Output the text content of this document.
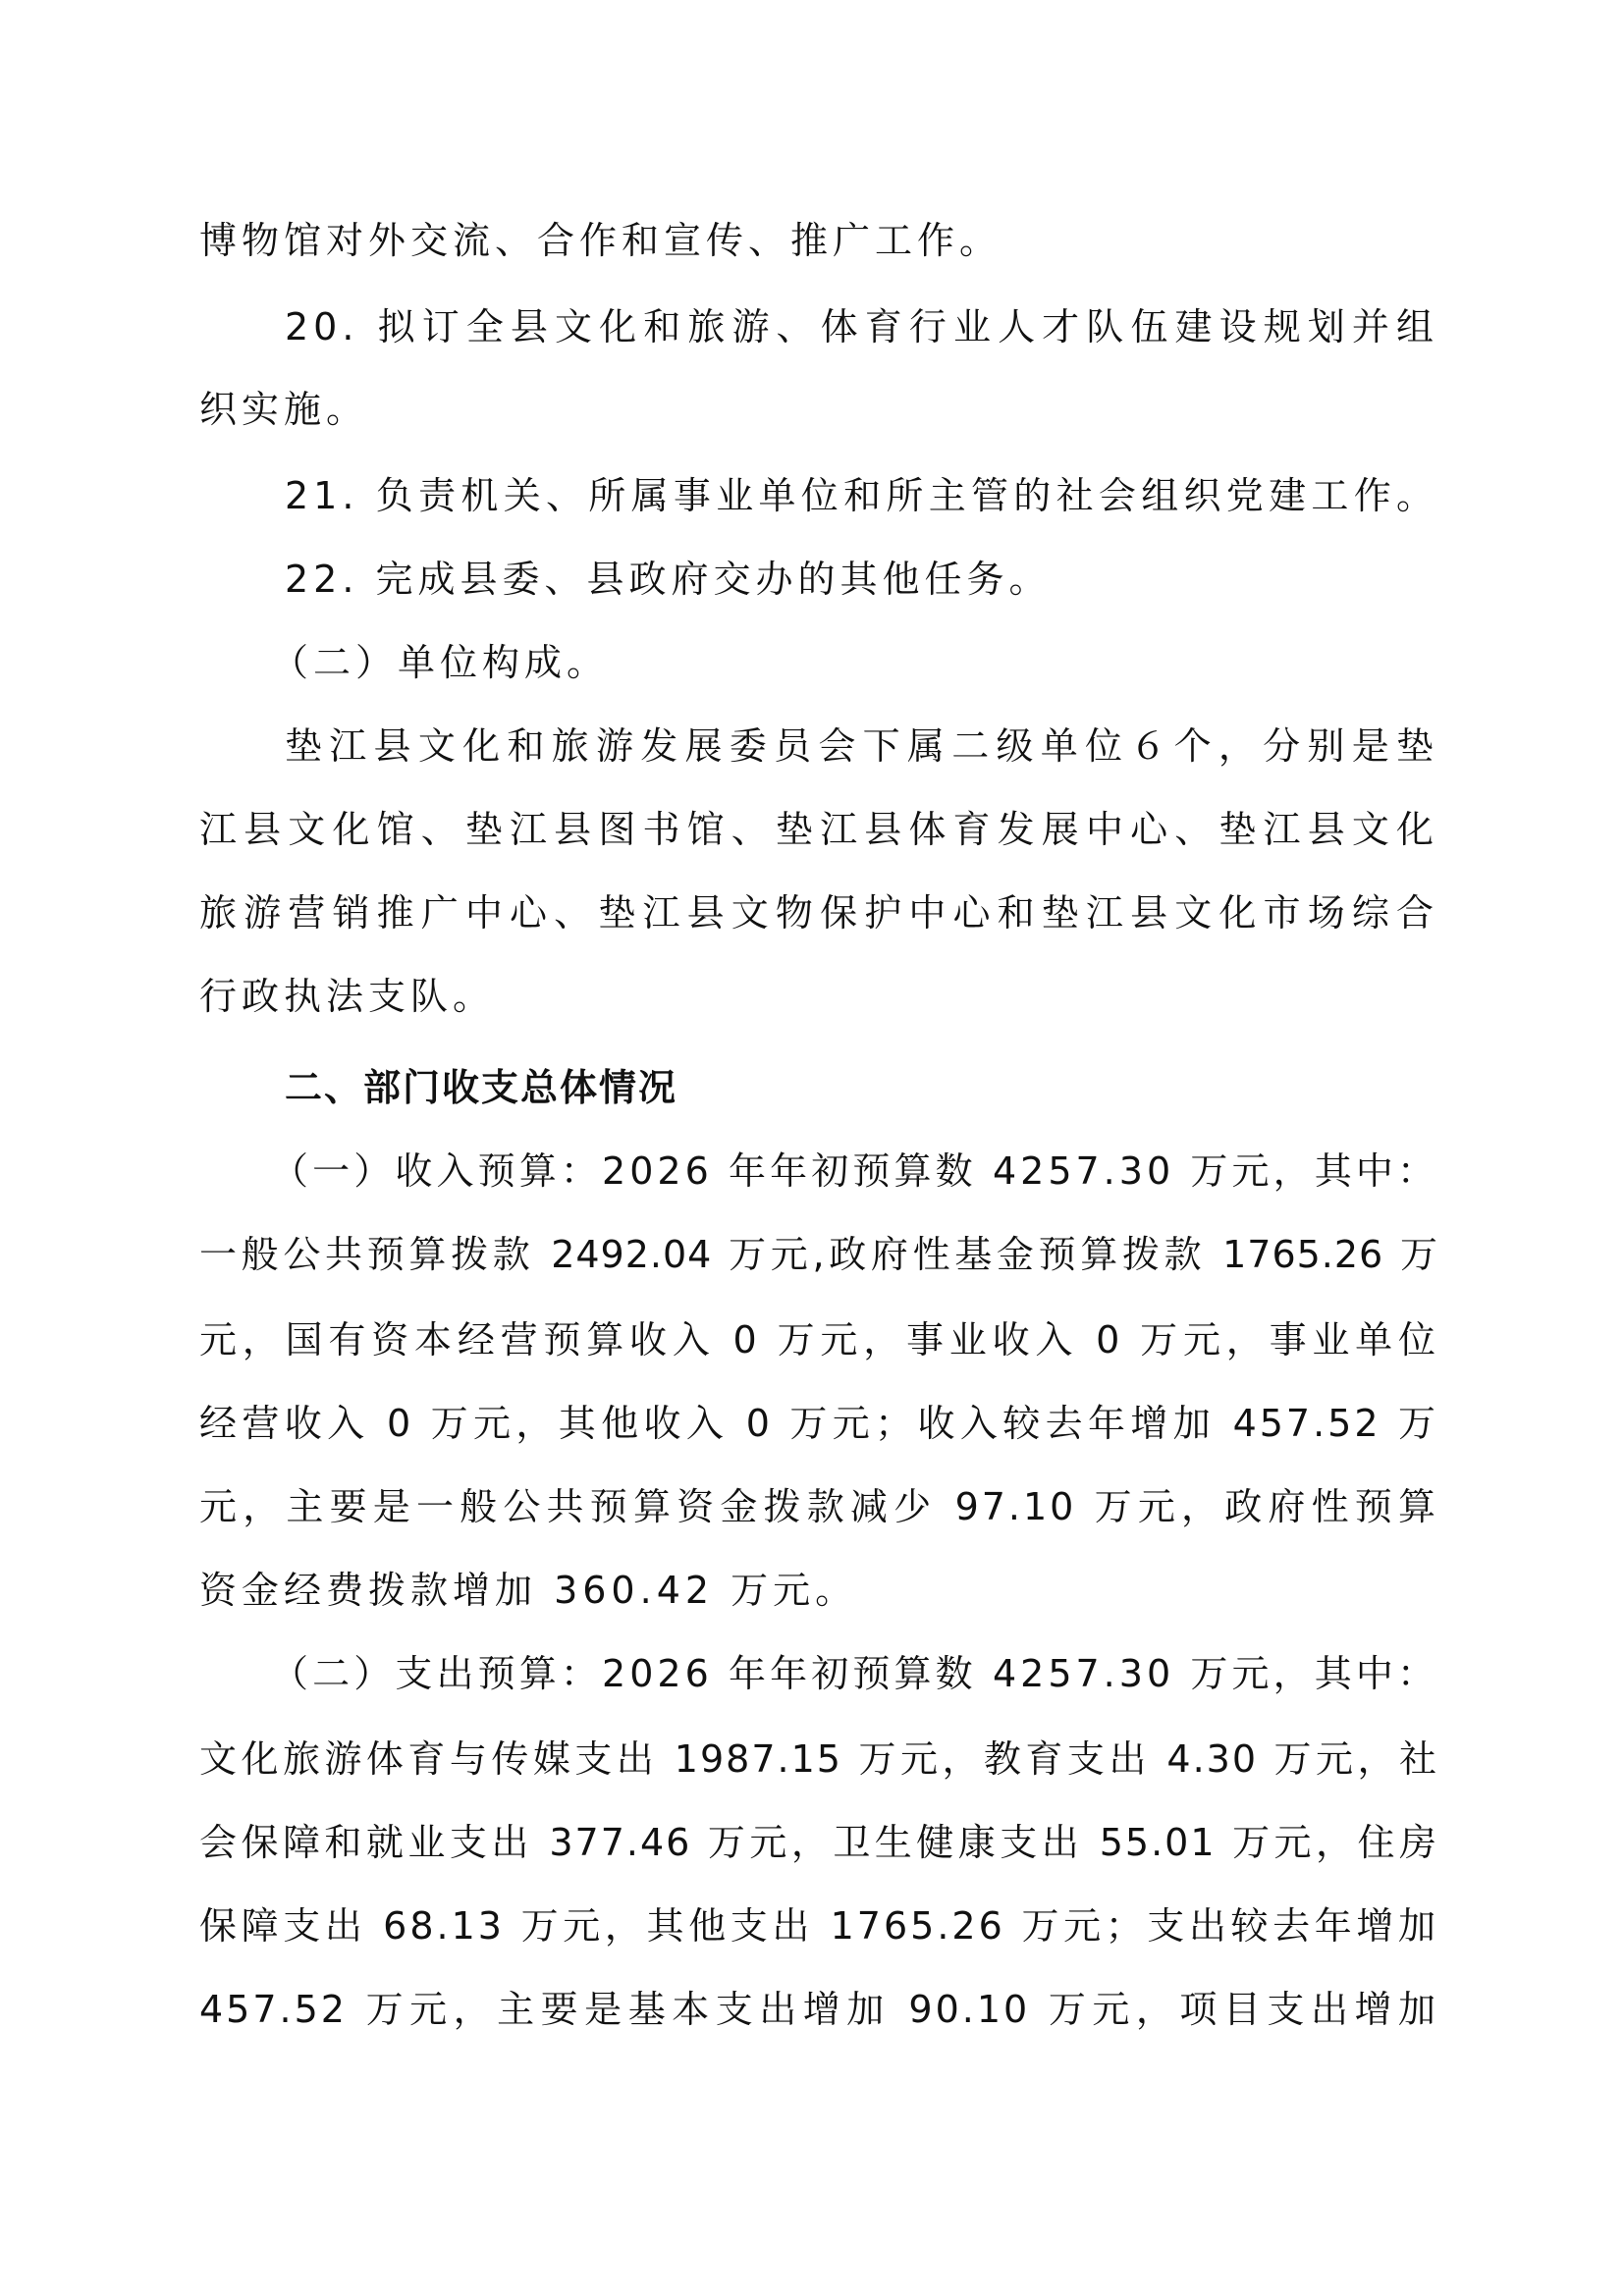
博物馆对外交流、合作和宣传、推广工作。
20. 拟订全县文化和旅游、体育行业人才队伍建设规划并组
织实施。
21. 负责机关、所属事业单位和所主管的社会组织党建工作。
22. 完成县委、县政府交办的其他任务。
（二）单位构成。
垫江县文化和旅游发展委员会下属二级单位６个，分别是垫
江县文化馆、垫江县图书馆、垫江县体育发展中心、垫江县文化
旅游营销推广中心、垫江县文物保护中心和垫江县文化市场综合
行政执法支队。
二、部门收支总体情况
（一）收入预算：2026 年年初预算数 4257.30 万元，其中：
一般公共预算拨款 2492.04 万元,政府性基金预算拨款 1765.26 万
元，国有资本经营预算收入 0 万元，事业收入 0 万元，事业单位
经营收入 0 万元，其他收入 0 万元；收入较去年增加 457.52 万
元，主要是一般公共预算资金拨款减少 97.10 万元，政府性预算
资金经费拨款增加 360.42 万元。
（二）支出预算：2026 年年初预算数 4257.30 万元，其中：
文化旅游体育与传媒支出 1987.15 万元，教育支出 4.30 万元，社
会保障和就业支出 377.46 万元，卫生健康支出 55.01 万元，住房
保障支出 68.13 万元，其他支出 1765.26 万元；支出较去年增加
457.52 万元，主要是基本支出增加 90.10 万元，项目支出增加
